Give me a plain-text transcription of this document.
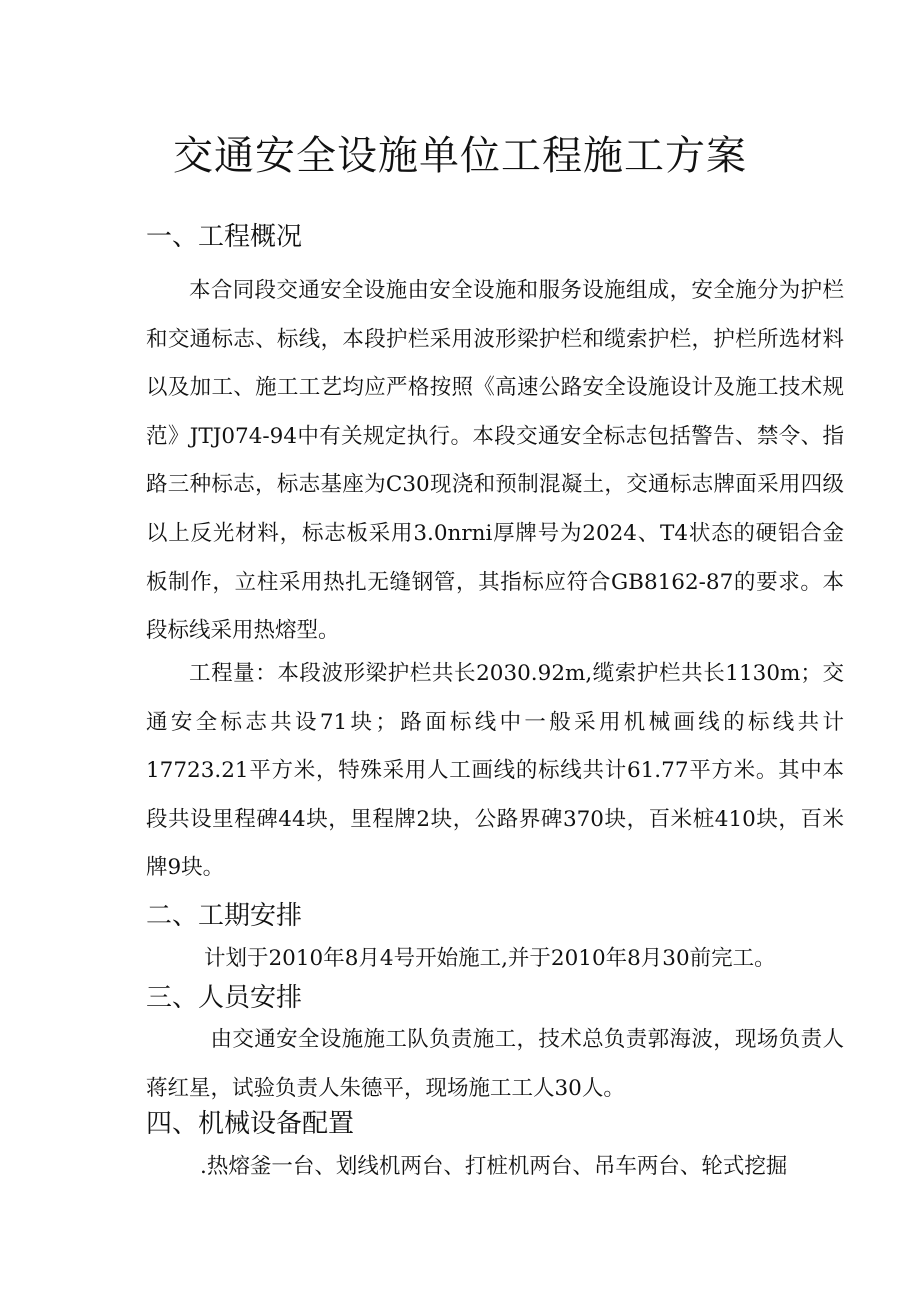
交通安全设施单位工程施工方案
一、工程概况

本合同段交通安全设施由安全设施和服务设施组成，安全施分为护栏和交通标志、标线，本段护栏采用波形梁护栏和缆索护栏，护栏所选材料以及加工、施工工艺均应严格按照《高速公路安全设施设计及施工技术规范》JTJ074-94中有关规定执行。本段交通安全标志包括警告、禁令、指路三种标志，标志基座为C30现浇和预制混凝土，交通标志牌面采用四级以上反光材料，标志板采用3.0nrni厚牌号为2024、T4状态的硬铝合金板制作，立柱采用热扎无缝钢管，其指标应符合GB8162-87的要求。本段标线采用热熔型。

工程量：本段波形梁护栏共长2030.92m,缆索护栏共长1130m；交通安全标志共设71块；路面标线中一般采用机械画线的标线共计17723.21平方米，特殊采用人工画线的标线共计61.77平方米。其中本段共设里程碑44块，里程牌2块，公路界碑370块，百米桩410块，百米牌9块。

二、工期安排
计划于2010年8月4号开始施工,并于2010年8月30前完工。
三、人员安排

由交通安全设施施工队负责施工，技术总负责郭海波，现场负责人蒋红星，试验负责人朱德平，现场施工工人30人。

四、机械设备配置
.热熔釜一台、划线机两台、打桩机两台、吊车两台、轮式挖掘
